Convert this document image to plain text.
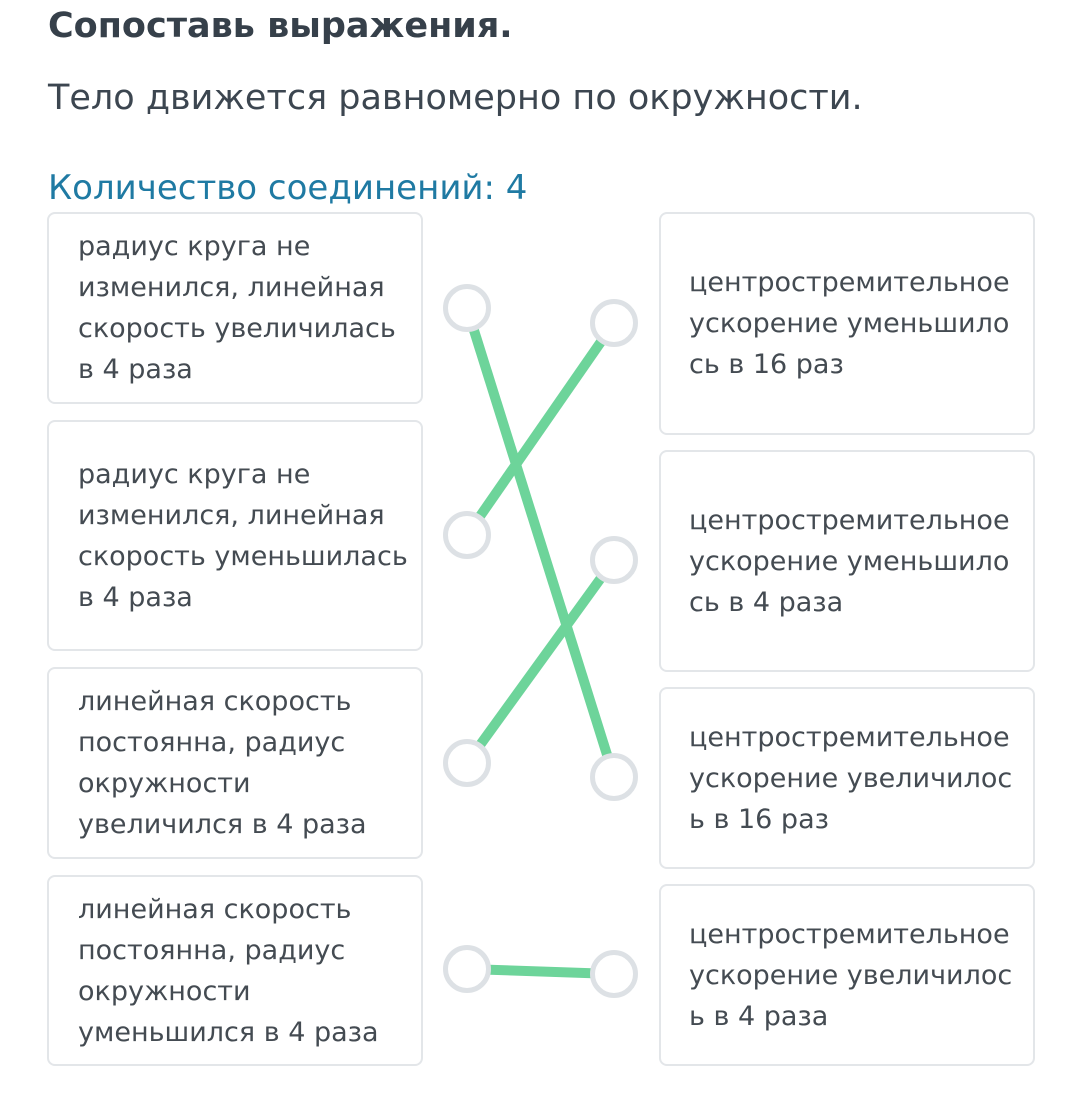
Сопоставь выражения.
Тело движется равномерно по окружности.
Количество соединений: 4
радиус круга не изменился, линейная скорость увеличилась в 4 раза
радиус круга не изменился, линейная скорость уменьшилась в 4 раза
линейная скорость постоянна, радиус окружности увеличился в 4 раза
линейная скорость постоянна, радиус окружности уменьшился в 4 раза
центростремительное ускорение уменьшилось в 16 раз
центростремительное ускорение уменьшилось в 4 раза
центростремительное ускорение увеличилось в 16 раз
центростремительное ускорение увеличилось в 4 раза
